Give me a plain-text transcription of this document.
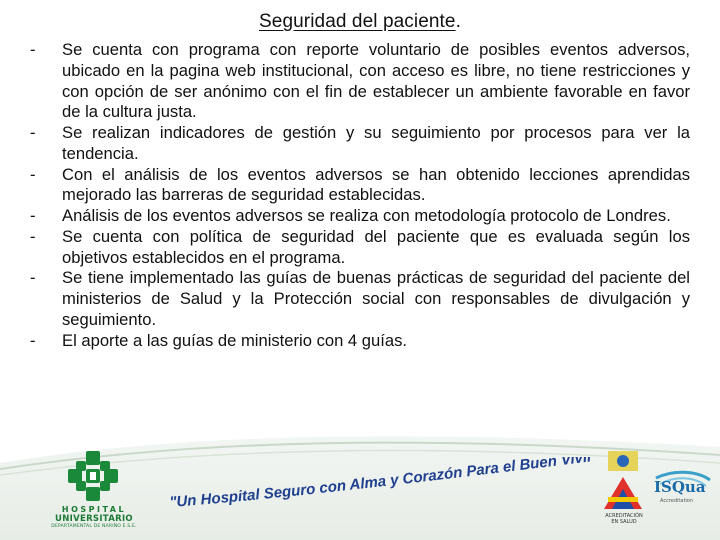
Seguridad del paciente.
-	Se cuenta con programa con reporte voluntario de posibles eventos adversos, ubicado en la pagina web institucional, con acceso es libre, no tiene restricciones y con opción de ser anónimo con el fin de establecer un ambiente favorable en favor de la cultura justa.
-	Se realizan indicadores de gestión y su seguimiento por procesos para ver la tendencia.
-	Con el análisis de los eventos adversos se han obtenido lecciones aprendidas mejorado las barreras de seguridad establecidas.
-	Análisis de los eventos adversos se realiza con metodología protocolo de Londres.
-	Se cuenta con política de seguridad del paciente que es evaluada según los objetivos establecidos en el programa.
-	Se tiene implementado las guías de buenas prácticas de seguridad del paciente del ministerios de Salud y la Protección social con responsables de divulgación y seguimiento.
-	El aporte a las guías de ministerio con 4 guías.
HOSPITAL
UNIVERSITARIO
DEPARTAMENTAL DE NARIÑO E.S.E.
"Un Hospital Seguro con Alma y Corazón Para el Buen Vivi
ACREDITACIÓN
EN SALUD
ISQua
Accreditation
